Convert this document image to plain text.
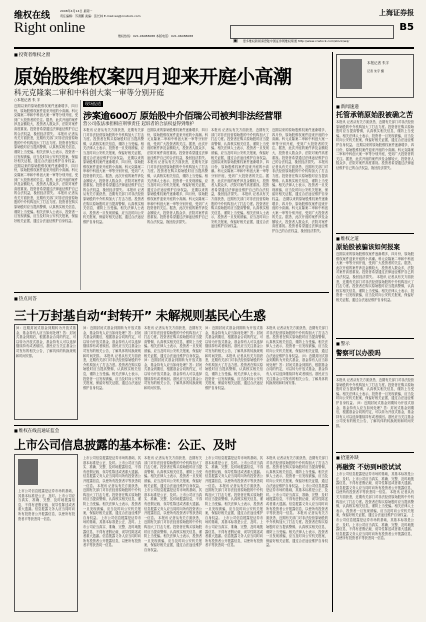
维权在线	2008年4月14日 星期一
责任编辑：苏清鹏 美编：张长林 E-mail:wq@cnstock.com	上海证券报
Right online	维权热线：021-96088088 本版电话：021-96088088
▣ 更多维权新闻请登陆中国证券网维权频道 http://www.cnstock.com/stock/wq/
B5
■ 投资者维权之窗
原始股维权案四月迎来开庭小高潮
科元克隆案二审和中科创大案一审等分别开庭
○本报记者 朱 宇
近期以来的原始股维权案件逐渐增多，四月份，原始股维权案件迎来开庭的小高潮。科元克隆案二审和中科创大案一审等分别开庭，受到广大投资者的关注。据悉，此次开庭的案件涉及金额较大，投资者人数众多，法院对案件高度重视。投资者希望通过法律途径维护自己的合法权益，挽回经济损失。 本报讯 记者从有关方面获悉，近期有关部门对非法经营原始股的中介机构加大了打击力度。投资者在购买原始股时应当提高警惕，认真核实相关信息，谨防上当受骗。相关法律人士表示，投资者一旦发现被骗，应当及时向公安机关报案，保留好相关证据，通过合法途径维护自身权益。 近期以来的原始股维权案件逐渐增多，四月份，原始股维权案件迎来开庭的小高潮。科元克隆案二审和中科创大案一审等分别开庭，受到广大投资者的关注。据悉，此次开庭的案件涉及金额较大，投资者人数众多，法院对案件高度重视。投资者希望通过法律途径维护自己的合法权益，挽回经济损失。 本报讯 记者从有关方面获悉，近期有关部门对非法经营原始股的中介机构加大了打击力度。投资者在购买原始股时应当提高警惕，认真核实相关信息，谨防上当受骗。相关法律人士表示，投资者一旦发现被骗，应当及时向公安机关报案，保留好相关证据，通过合法途径维护自身权益。
现场报道
涉案逾600万 原始股中介佰瑞公司被判非法经营罪
营公司依法承担相应刑事责任 起诉者的合法权益得到维护
本报讯 记者从有关方面获悉，近期有关部门对非法经营原始股的中介机构加大了打击力度。投资者在购买原始股时应当提高警惕，认真核实相关信息，谨防上当受骗。相关法律人士表示，投资者一旦发现被骗，应当及时向公安机关报案，保留好相关证据，通过合法途径维护自身权益。 近期以来的原始股维权案件逐渐增多，四月份，原始股维权案件迎来开庭的小高潮。科元克隆案二审和中科创大案一审等分别开庭，受到广大投资者的关注。据悉，此次开庭的案件涉及金额较大，投资者人数众多，法院对案件高度重视。投资者希望通过法律途径维护自己的合法权益，挽回经济损失。 本报讯 记者从有关方面获悉，近期有关部门对非法经营原始股的中介机构加大了打击力度。投资者在购买原始股时应当提高警惕，认真核实相关信息，谨防上当受骗。相关法律人士表示，投资者一旦发现被骗，应当及时向公安机关报案，保留好相关证据，通过合法途径维护自身权益。
近期以来的原始股维权案件逐渐增多，四月份，原始股维权案件迎来开庭的小高潮。科元克隆案二审和中科创大案一审等分别开庭，受到广大投资者的关注。据悉，此次开庭的案件涉及金额较大，投资者人数众多，法院对案件高度重视。投资者希望通过法律途径维护自己的合法权益，挽回经济损失。 本报讯 记者从有关方面获悉，近期有关部门对非法经营原始股的中介机构加大了打击力度。投资者在购买原始股时应当提高警惕，认真核实相关信息，谨防上当受骗。相关法律人士表示，投资者一旦发现被骗，应当及时向公安机关报案，保留好相关证据，通过合法途径维护自身权益。 近期以来的原始股维权案件逐渐增多，四月份，原始股维权案件迎来开庭的小高潮。科元克隆案二审和中科创大案一审等分别开庭，受到广大投资者的关注。据悉，此次开庭的案件涉及金额较大，投资者人数众多，法院对案件高度重视。投资者希望通过法律途径维护自己的合法权益，挽回经济损失。
本报讯 记者从有关方面获悉，近期有关部门对非法经营原始股的中介机构加大了打击力度。投资者在购买原始股时应当提高警惕，认真核实相关信息，谨防上当受骗。相关法律人士表示，投资者一旦发现被骗，应当及时向公安机关报案，保留好相关证据，通过合法途径维护自身权益。 近期以来的原始股维权案件逐渐增多，四月份，原始股维权案件迎来开庭的小高潮。科元克隆案二审和中科创大案一审等分别开庭，受到广大投资者的关注。据悉，此次开庭的案件涉及金额较大，投资者人数众多，法院对案件高度重视。投资者希望通过法律途径维护自己的合法权益，挽回经济损失。 本报讯 记者从有关方面获悉，近期有关部门对非法经营原始股的中介机构加大了打击力度。投资者在购买原始股时应当提高警惕，认真核实相关信息，谨防上当受骗。相关法律人士表示，投资者一旦发现被骗，应当及时向公安机关报案，保留好相关证据，通过合法途径维护自身权益。
近期以来的原始股维权案件逐渐增多，四月份，原始股维权案件迎来开庭的小高潮。科元克隆案二审和中科创大案一审等分别开庭，受到广大投资者的关注。据悉，此次开庭的案件涉及金额较大，投资者人数众多，法院对案件高度重视。投资者希望通过法律途径维护自己的合法权益，挽回经济损失。 本报讯 记者从有关方面获悉，近期有关部门对非法经营原始股的中介机构加大了打击力度。投资者在购买原始股时应当提高警惕，认真核实相关信息，谨防上当受骗。相关法律人士表示，投资者一旦发现被骗，应当及时向公安机关报案，保留好相关证据，通过合法途径维护自身权益。 近期以来的原始股维权案件逐渐增多，四月份，原始股维权案件迎来开庭的小高潮。科元克隆案二审和中科创大案一审等分别开庭，受到广大投资者的关注。据悉，此次开庭的案件涉及金额较大，投资者人数众多，法院对案件高度重视。投资者希望通过法律途径维护自己的合法权益，挽回经济损失。
本报记者 朱宇
记者 朱宇 摄
■ 新闻速递
托管承销原始股被确之苦
本报讯 记者从有关方面获悉，近期有关部门对非法经营原始股的中介机构加大了打击力度。投资者在购买原始股时应当提高警惕，认真核实相关信息，谨防上当受骗。相关法律人士表示，投资者一旦发现被骗，应当及时向公安机关报案，保留好相关证据，通过合法途径维护自身权益。 近期以来的原始股维权案件逐渐增多，四月份，原始股维权案件迎来开庭的小高潮。科元克隆案二审和中科创大案一审等分别开庭，受到广大投资者的关注。据悉，此次开庭的案件涉及金额较大，投资者人数众多，法院对案件高度重视。投资者希望通过法律途径维护自己的合法权益，挽回经济损失。
■ 维权之道
原始股被骗该如何报案
近期以来的原始股维权案件逐渐增多，四月份，原始股维权案件迎来开庭的小高潮。科元克隆案二审和中科创大案一审等分别开庭，受到广大投资者的关注。据悉，此次开庭的案件涉及金额较大，投资者人数众多，法院对案件高度重视。投资者希望通过法律途径维护自己的合法权益，挽回经济损失。 本报讯 记者从有关方面获悉，近期有关部门对非法经营原始股的中介机构加大了打击力度。投资者在购买原始股时应当提高警惕，认真核实相关信息，谨防上当受骗。相关法律人士表示，投资者一旦发现被骗，应当及时向公安机关报案，保留好相关证据，通过合法途径维护自身权益。
■ 警示
警察可以办股吗
本报讯 记者从有关方面获悉，近期有关部门对非法经营原始股的中介机构加大了打击力度。投资者在购买原始股时应当提高警惕，认真核实相关信息，谨防上当受骗。相关法律人士表示，投资者一旦发现被骗，应当及时向公安机关报案，保留好相关证据，通过合法途径维护自身权益。 问：近期封闭式基金到期转为开放式基金，基金持有人应当如何处理？答：封闭式基金到期后，根据基金合同的约定，可以转为开放式基金，基金持有人可以选择继续持有或者赎回。基民应当关注基金公司发布的相关公告，了解具体的转换规则和时间安排。
■ 拾遗补缺
再融资 不妨到H股试试
上市公司信息披露是证券市场的基础，其基本标准是公正、及时。上市公司应当真实、准确、完整、及时地披露信息，不得有虚假记载、误导性陈述或者重大遗漏。信息披露义务人应当同时向所有投资者公开披露信息，以使所有投资者平等获悉同一信息。 本报讯 记者从有关方面获悉，近期有关部门对非法经营原始股的中介机构加大了打击力度。投资者在购买原始股时应当提高警惕，认真核实相关信息，谨防上当受骗。相关法律人士表示，投资者一旦发现被骗，应当及时向公安机关报案，保留好相关证据，通过合法途径维护自身权益。 上市公司信息披露是证券市场的基础，其基本标准是公正、及时。上市公司应当真实、准确、完整、及时地披露信息，不得有虚假记载、误导性陈述或者重大遗漏。信息披露义务人应当同时向所有投资者公开披露信息，以使所有投资者平等获悉同一信息。
■ 热点问答
三十万封基自动“封转开” 未解规则基民心生惑
问：近期封闭式基金到期转为开放式基金，基金持有人应当如何处理？答：封闭式基金到期后，根据基金合同的约定，可以转为开放式基金，基金持有人可以选择继续持有或者赎回。基民应当关注基金公司发布的相关公告，了解具体的转换规则和时间安排。
问：近期封闭式基金到期转为开放式基金，基金持有人应当如何处理？答：封闭式基金到期后，根据基金合同的约定，可以转为开放式基金，基金持有人可以选择继续持有或者赎回。基民应当关注基金公司发布的相关公告，了解具体的转换规则和时间安排。 本报讯 记者从有关方面获悉，近期有关部门对非法经营原始股的中介机构加大了打击力度。投资者在购买原始股时应当提高警惕，认真核实相关信息，谨防上当受骗。相关法律人士表示，投资者一旦发现被骗，应当及时向公安机关报案，保留好相关证据，通过合法途径维护自身权益。
本报讯 记者从有关方面获悉，近期有关部门对非法经营原始股的中介机构加大了打击力度。投资者在购买原始股时应当提高警惕，认真核实相关信息，谨防上当受骗。相关法律人士表示，投资者一旦发现被骗，应当及时向公安机关报案，保留好相关证据，通过合法途径维护自身权益。 问：近期封闭式基金到期转为开放式基金，基金持有人应当如何处理？答：封闭式基金到期后，根据基金合同的约定，可以转为开放式基金，基金持有人可以选择继续持有或者赎回。基民应当关注基金公司发布的相关公告，了解具体的转换规则和时间安排。
问：近期封闭式基金到期转为开放式基金，基金持有人应当如何处理？答：封闭式基金到期后，根据基金合同的约定，可以转为开放式基金，基金持有人可以选择继续持有或者赎回。基民应当关注基金公司发布的相关公告，了解具体的转换规则和时间安排。 本报讯 记者从有关方面获悉，近期有关部门对非法经营原始股的中介机构加大了打击力度。投资者在购买原始股时应当提高警惕，认真核实相关信息，谨防上当受骗。相关法律人士表示，投资者一旦发现被骗，应当及时向公安机关报案，保留好相关证据，通过合法途径维护自身权益。
本报讯 记者从有关方面获悉，近期有关部门对非法经营原始股的中介机构加大了打击力度。投资者在购买原始股时应当提高警惕，认真核实相关信息，谨防上当受骗。相关法律人士表示，投资者一旦发现被骗，应当及时向公安机关报案，保留好相关证据，通过合法途径维护自身权益。 问：近期封闭式基金到期转为开放式基金，基金持有人应当如何处理？答：封闭式基金到期后，根据基金合同的约定，可以转为开放式基金，基金持有人可以选择继续持有或者赎回。基民应当关注基金公司发布的相关公告，了解具体的转换规则和时间安排。
■ 维权在线直通证监会
上市公司信息披露的基本标准：公正、及时
上市公司信息披露是证券市场的基础，其基本标准是公正、及时。上市公司应当真实、准确、完整、及时地披露信息，不得有虚假记载、误导性陈述或者重大遗漏。信息披露义务人应当同时向所有投资者公开披露信息，以使所有投资者平等获悉同一信息。
上市公司信息披露是证券市场的基础，其基本标准是公正、及时。上市公司应当真实、准确、完整、及时地披露信息，不得有虚假记载、误导性陈述或者重大遗漏。信息披露义务人应当同时向所有投资者公开披露信息，以使所有投资者平等获悉同一信息。 本报讯 记者从有关方面获悉，近期有关部门对非法经营原始股的中介机构加大了打击力度。投资者在购买原始股时应当提高警惕，认真核实相关信息，谨防上当受骗。相关法律人士表示，投资者一旦发现被骗，应当及时向公安机关报案，保留好相关证据，通过合法途径维护自身权益。 上市公司信息披露是证券市场的基础，其基本标准是公正、及时。上市公司应当真实、准确、完整、及时地披露信息，不得有虚假记载、误导性陈述或者重大遗漏。信息披露义务人应当同时向所有投资者公开披露信息，以使所有投资者平等获悉同一信息。
本报讯 记者从有关方面获悉，近期有关部门对非法经营原始股的中介机构加大了打击力度。投资者在购买原始股时应当提高警惕，认真核实相关信息，谨防上当受骗。相关法律人士表示，投资者一旦发现被骗，应当及时向公安机关报案，保留好相关证据，通过合法途径维护自身权益。 上市公司信息披露是证券市场的基础，其基本标准是公正、及时。上市公司应当真实、准确、完整、及时地披露信息，不得有虚假记载、误导性陈述或者重大遗漏。信息披露义务人应当同时向所有投资者公开披露信息，以使所有投资者平等获悉同一信息。 本报讯 记者从有关方面获悉，近期有关部门对非法经营原始股的中介机构加大了打击力度。投资者在购买原始股时应当提高警惕，认真核实相关信息，谨防上当受骗。相关法律人士表示，投资者一旦发现被骗，应当及时向公安机关报案，保留好相关证据，通过合法途径维护自身权益。
上市公司信息披露是证券市场的基础，其基本标准是公正、及时。上市公司应当真实、准确、完整、及时地披露信息，不得有虚假记载、误导性陈述或者重大遗漏。信息披露义务人应当同时向所有投资者公开披露信息，以使所有投资者平等获悉同一信息。 本报讯 记者从有关方面获悉，近期有关部门对非法经营原始股的中介机构加大了打击力度。投资者在购买原始股时应当提高警惕，认真核实相关信息，谨防上当受骗。相关法律人士表示，投资者一旦发现被骗，应当及时向公安机关报案，保留好相关证据，通过合法途径维护自身权益。 上市公司信息披露是证券市场的基础，其基本标准是公正、及时。上市公司应当真实、准确、完整、及时地披露信息，不得有虚假记载、误导性陈述或者重大遗漏。信息披露义务人应当同时向所有投资者公开披露信息，以使所有投资者平等获悉同一信息。
本报讯 记者从有关方面获悉，近期有关部门对非法经营原始股的中介机构加大了打击力度。投资者在购买原始股时应当提高警惕，认真核实相关信息，谨防上当受骗。相关法律人士表示，投资者一旦发现被骗，应当及时向公安机关报案，保留好相关证据，通过合法途径维护自身权益。 上市公司信息披露是证券市场的基础，其基本标准是公正、及时。上市公司应当真实、准确、完整、及时地披露信息，不得有虚假记载、误导性陈述或者重大遗漏。信息披露义务人应当同时向所有投资者公开披露信息，以使所有投资者平等获悉同一信息。 本报讯 记者从有关方面获悉，近期有关部门对非法经营原始股的中介机构加大了打击力度。投资者在购买原始股时应当提高警惕，认真核实相关信息，谨防上当受骗。相关法律人士表示，投资者一旦发现被骗，应当及时向公安机关报案，保留好相关证据，通过合法途径维护自身权益。
